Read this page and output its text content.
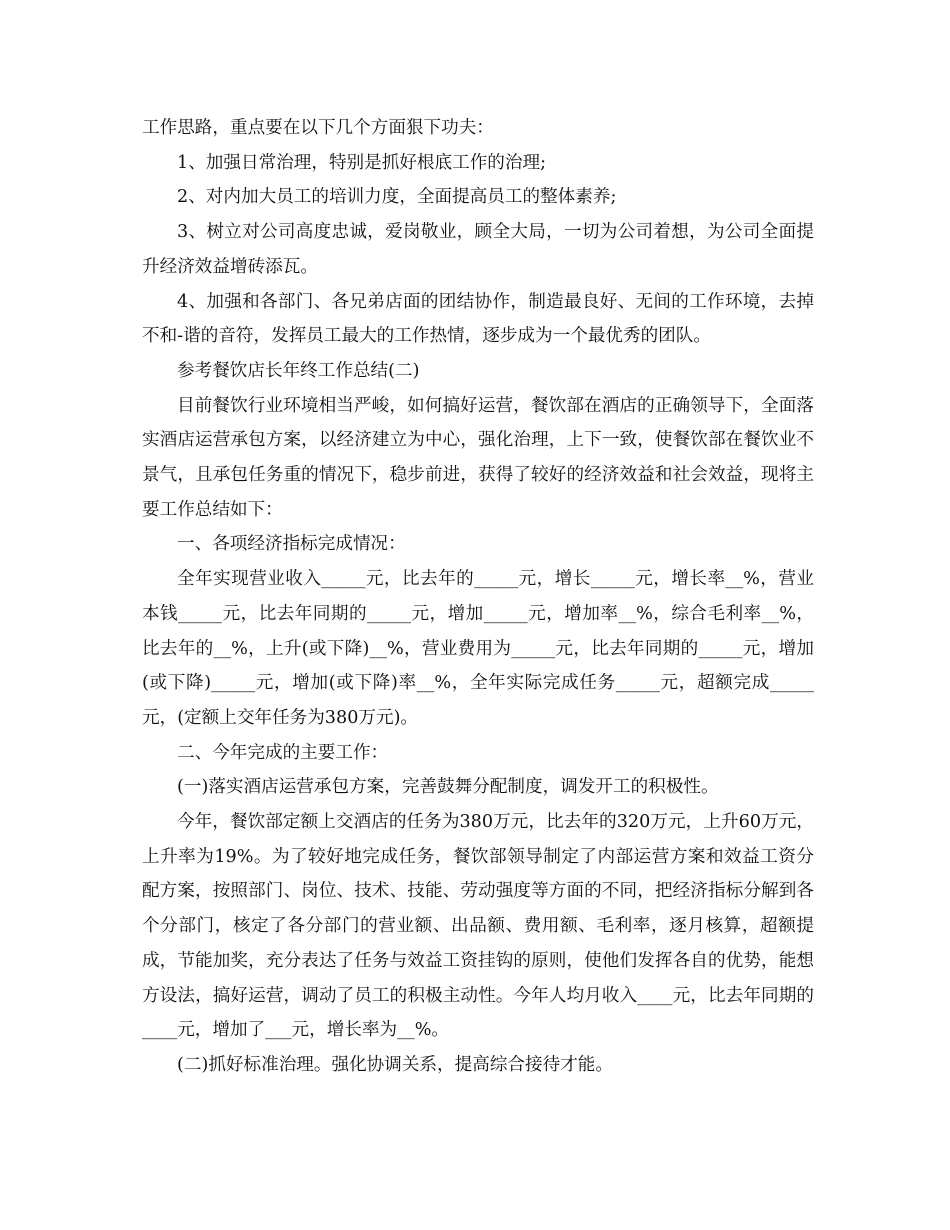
工作思路，重点要在以下几个方面狠下功夫：

1、加强日常治理，特别是抓好根底工作的治理;

2、对内加大员工的培训力度，全面提高员工的整体素养;

3、树立对公司高度忠诚，爱岗敬业，顾全大局，一切为公司着想，为公司全面提升经济效益增砖添瓦。

4、加强和各部门、各兄弟店面的团结协作，制造最良好、无间的工作环境，去掉不和-谐的音符，发挥员工最大的工作热情，逐步成为一个最优秀的团队。

参考餐饮店长年终工作总结(二)

目前餐饮行业环境相当严峻，如何搞好运营，餐饮部在酒店的正确领导下，全面落实酒店运营承包方案，以经济建立为中心，强化治理，上下一致，使餐饮部在餐饮业不景气，且承包任务重的情况下，稳步前进，获得了较好的经济效益和社会效益，现将主要工作总结如下：

一、各项经济指标完成情况：

全年实现营业收入_____元，比去年的_____元，增长_____元，增长率__%，营业本钱_____元，比去年同期的_____元，增加_____元，增加率__%，综合毛利率__%，比去年的__%，上升(或下降)__%，营业费用为_____元，比去年同期的_____元，增加(或下降)_____元，增加(或下降)率__%，全年实际完成任务_____元，超额完成_____元，(定额上交年任务为380万元)。

二、今年完成的主要工作：

(一)落实酒店运营承包方案，完善鼓舞分配制度，调发开工的积极性。

今年，餐饮部定额上交酒店的任务为380万元，比去年的320万元，上升60万元，上升率为19%。为了较好地完成任务，餐饮部领导制定了内部运营方案和效益工资分配方案，按照部门、岗位、技术、技能、劳动强度等方面的不同，把经济指标分解到各个分部门，核定了各分部门的营业额、出品额、费用额、毛利率，逐月核算，超额提成，节能加奖，充分表达了任务与效益工资挂钩的原则，使他们发挥各自的优势，能想方设法，搞好运营，调动了员工的积极主动性。今年人均月收入____元，比去年同期的____元，增加了___元，增长率为__%。

(二)抓好标准治理。强化协调关系，提高综合接待才能。
